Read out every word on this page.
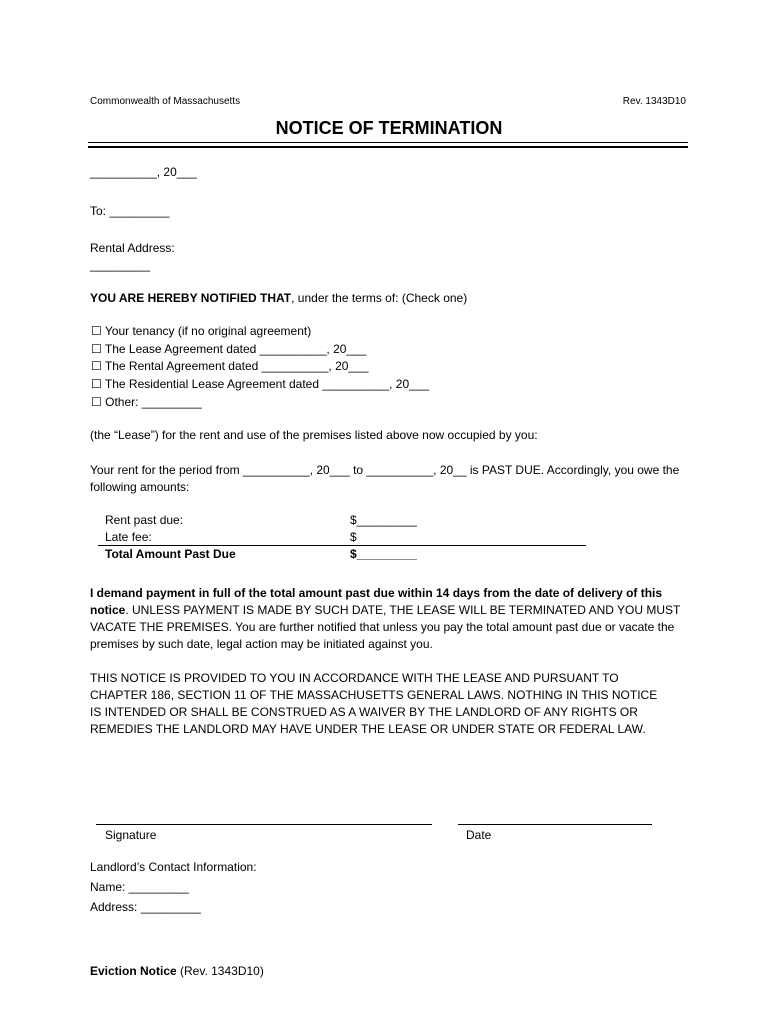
Commonwealth of Massachusetts	Rev. 1343D10
NOTICE OF TERMINATION
__________, 20___
To: _________
Rental Address:
_________
YOU ARE HEREBY NOTIFIED THAT, under the terms of: (Check one)
☐ Your tenancy (if no original agreement)
☐ The Lease Agreement dated __________, 20___
☐ The Rental Agreement dated __________, 20___
☐ The Residential Lease Agreement dated __________, 20___
☐ Other: _________
(the “Lease”) for the rent and use of the premises listed above now occupied by you:
Your rent for the period from __________, 20___ to __________, 20__ is PAST DUE. Accordingly, you owe the following amounts:
Rent past due:	$_________
Late fee:	$
Total Amount Past Due	$_________
I demand payment in full of the total amount past due within 14 days from the date of delivery of this notice. UNLESS PAYMENT IS MADE BY SUCH DATE, THE LEASE WILL BE TERMINATED AND YOU MUST VACATE THE PREMISES. You are further notified that unless you pay the total amount past due or vacate the premises by such date, legal action may be initiated against you.
THIS NOTICE IS PROVIDED TO YOU IN ACCORDANCE WITH THE LEASE AND PURSUANT TO CHAPTER 186, SECTION 11 OF THE MASSACHUSETTS GENERAL LAWS. NOTHING IN THIS NOTICE IS INTENDED OR SHALL BE CONSTRUED AS A WAIVER BY THE LANDLORD OF ANY RIGHTS OR REMEDIES THE LANDLORD MAY HAVE UNDER THE LEASE OR UNDER STATE OR FEDERAL LAW.
Signature	Date
Landlord’s Contact Information:
Name: _________
Address: _________
Eviction Notice (Rev. 1343D10)
